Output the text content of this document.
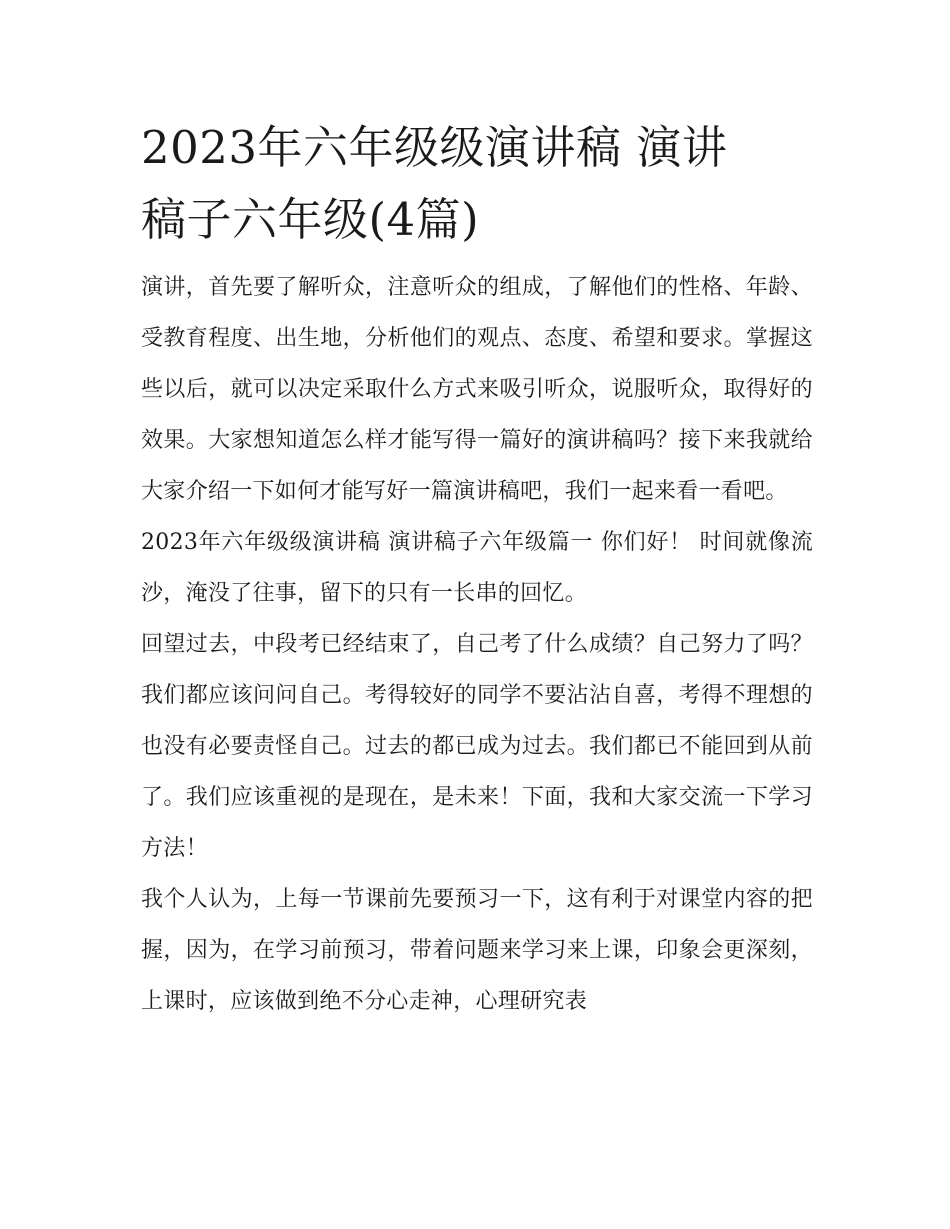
2023年六年级级演讲稿 演讲
稿子六年级(4篇)

演讲，首先要了解听众，注意听众的组成，了解他们的性格、年龄、受教育程度、出生地，分析他们的观点、态度、希望和要求。掌握这些以后，就可以决定采取什么方式来吸引听众，说服听众，取得好的效果。大家想知道怎么样才能写得一篇好的演讲稿吗？接下来我就给大家介绍一下如何才能写好一篇演讲稿吧，我们一起来看一看吧。

2023年六年级级演讲稿 演讲稿子六年级篇一 你们好！ 时间就像流沙，淹没了往事，留下的只有一长串的回忆。

回望过去，中段考已经结束了，自己考了什么成绩？自己努力了吗？我们都应该问问自己。考得较好的同学不要沾沾自喜，考得不理想的也没有必要责怪自己。过去的都已成为过去。我们都已不能回到从前了。我们应该重视的是现在，是未来！下面，我和大家交流一下学习方法！

我个人认为，上每一节课前先要预习一下，这有利于对课堂内容的把握，因为，在学习前预习，带着问题来学习来上课，印象会更深刻，上课时，应该做到绝不分心走神，心理研究表
